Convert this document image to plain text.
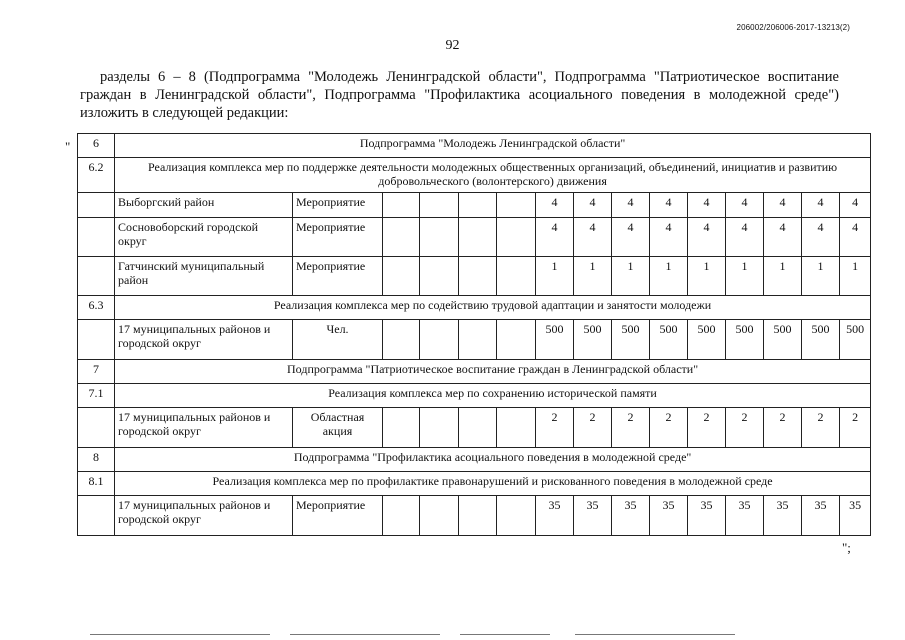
206002/206006-2017-13213(2)
92
разделы 6 – 8 (Подпрограмма "Молодежь Ленинградской области", Подпрограмма "Патриотическое воспитание граждан в Ленинградской области", Подпрограмма "Профилактика асоциального поведения в молодежной среде") изложить в следующей редакции:
" 6	Подпрограмма "Молодежь Ленинградской области"														
6.2	Реализация комплекса мер по поддержке деятельности молодежных общественных организаций, объединений, инициатив и развитию добровольческого (волонтерского) движения														
	Выборгский район	Мероприятие					4	4	4	4	4	4	4	4	4
	Сосновоборский городской округ	Мероприятие					4	4	4	4	4	4	4	4	4
	Гатчинский муниципальный район	Мероприятие					1	1	1	1	1	1	1	1	1
6.3	Реализация комплекса мер по содействию трудовой адаптации и занятости молодежи														
	17 муниципальных районов и городской округ	Чел.					500	500	500	500	500	500	500	500	500
7	Подпрограмма "Патриотическое воспитание граждан в Ленинградской области"														
7.1	Реализация комплекса мер по сохранению исторической памяти														
	17 муниципальных районов и городской округ	Областная акция					2	2	2	2	2	2	2	2	2
8	Подпрограмма "Профилактика асоциального поведения в молодежной среде"														
8.1	Реализация комплекса мер по профилактике правонарушений и рискованного поведения в молодежной среде														
	17 муниципальных районов и городской округ	Мероприятие					35	35	35	35	35	35	35	35	35
";
